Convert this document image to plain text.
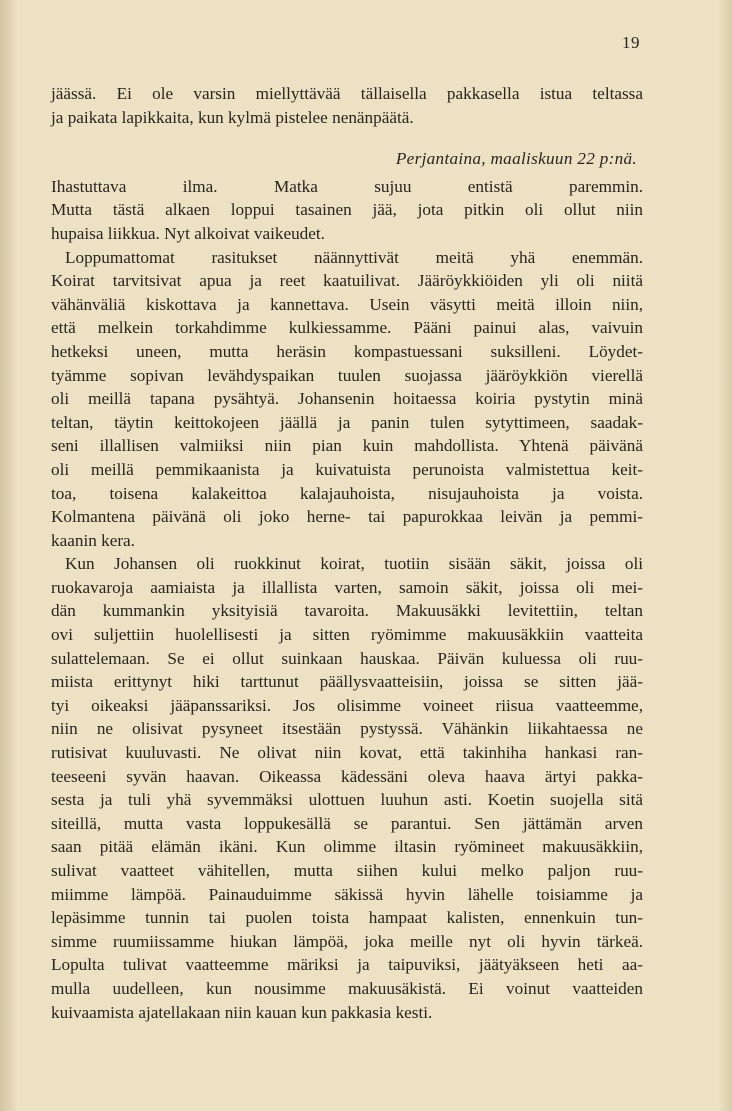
19
jäässä. Ei ole varsin miellyttävää tällaisella pakkasella istua teltassa
ja paikata lapikkaita, kun kylmä pistelee nenänpäätä.
Perjantaina, maaliskuun 22 p:nä.
Ihastuttava ilma. Matka sujuu entistä paremmin.
Mutta tästä alkaen loppui tasainen jää, jota pitkin oli ollut niin
hupaisa liikkua. Nyt alkoivat vaikeudet.
Loppumattomat rasitukset näännyttivät meitä yhä enemmän.
Koirat tarvitsivat apua ja reet kaatuilivat. Jääröykkiöiden yli oli niitä
vähänväliä kiskottava ja kannettava. Usein väsytti meitä illoin niin,
että melkein torkahdimme kulkiessamme. Pääni painui alas, vaivuin
hetkeksi uneen, mutta heräsin kompastuessani suksilleni. Löydet-
tyämme sopivan levähdyspaikan tuulen suojassa jääröykkiön vierellä
oli meillä tapana pysähtyä. Johansenin hoitaessa koiria pystytin minä
teltan, täytin keittokojeen jäällä ja panin tulen sytyttimeen, saadak-
seni illallisen valmiiksi niin pian kuin mahdollista. Yhtenä päivänä
oli meillä pemmikaanista ja kuivatuista perunoista valmistettua keit-
toa, toisena kalakeittoa kalajauhoista, nisujauhoista ja voista.
Kolmantena päivänä oli joko herne- tai papurokkaa leivän ja pemmi-
kaanin kera.
Kun Johansen oli ruokkinut koirat, tuotiin sisään säkit, joissa oli
ruokavaroja aamiaista ja illallista varten, samoin säkit, joissa oli mei-
dän kummankin yksityisiä tavaroita. Makuusäkki levitettiin, teltan
ovi suljettiin huolellisesti ja sitten ryömimme makuusäkkiin vaatteita
sulattelemaan. Se ei ollut suinkaan hauskaa. Päivän kuluessa oli ruu-
miista erittynyt hiki tarttunut päällysvaatteisiin, joissa se sitten jää-
tyi oikeaksi jääpanssariksi. Jos olisimme voineet riisua vaatteemme,
niin ne olisivat pysyneet itsestään pystyssä. Vähänkin liikahtaessa ne
rutisivat kuuluvasti. Ne olivat niin kovat, että takinhiha hankasi ran-
teeseeni syvän haavan. Oikeassa kädessäni oleva haava ärtyi pakka-
sesta ja tuli yhä syvemmäksi ulottuen luuhun asti. Koetin suojella sitä
siteillä, mutta vasta loppukesällä se parantui. Sen jättämän arven
saan pitää elämän ikäni. Kun olimme iltasin ryömineet makuusäkkiin,
sulivat vaatteet vähitellen, mutta siihen kului melko paljon ruu-
miimme lämpöä. Painauduimme säkissä hyvin lähelle toisiamme ja
lepäsimme tunnin tai puolen toista hampaat kalisten, ennenkuin tun-
simme ruumiissamme hiukan lämpöä, joka meille nyt oli hyvin tärkeä.
Lopulta tulivat vaatteemme märiksi ja taipuviksi, jäätyäkseen heti aa-
mulla uudelleen, kun nousimme makuusäkistä. Ei voinut vaatteiden
kuivaamista ajatellakaan niin kauan kun pakkasia kesti.
